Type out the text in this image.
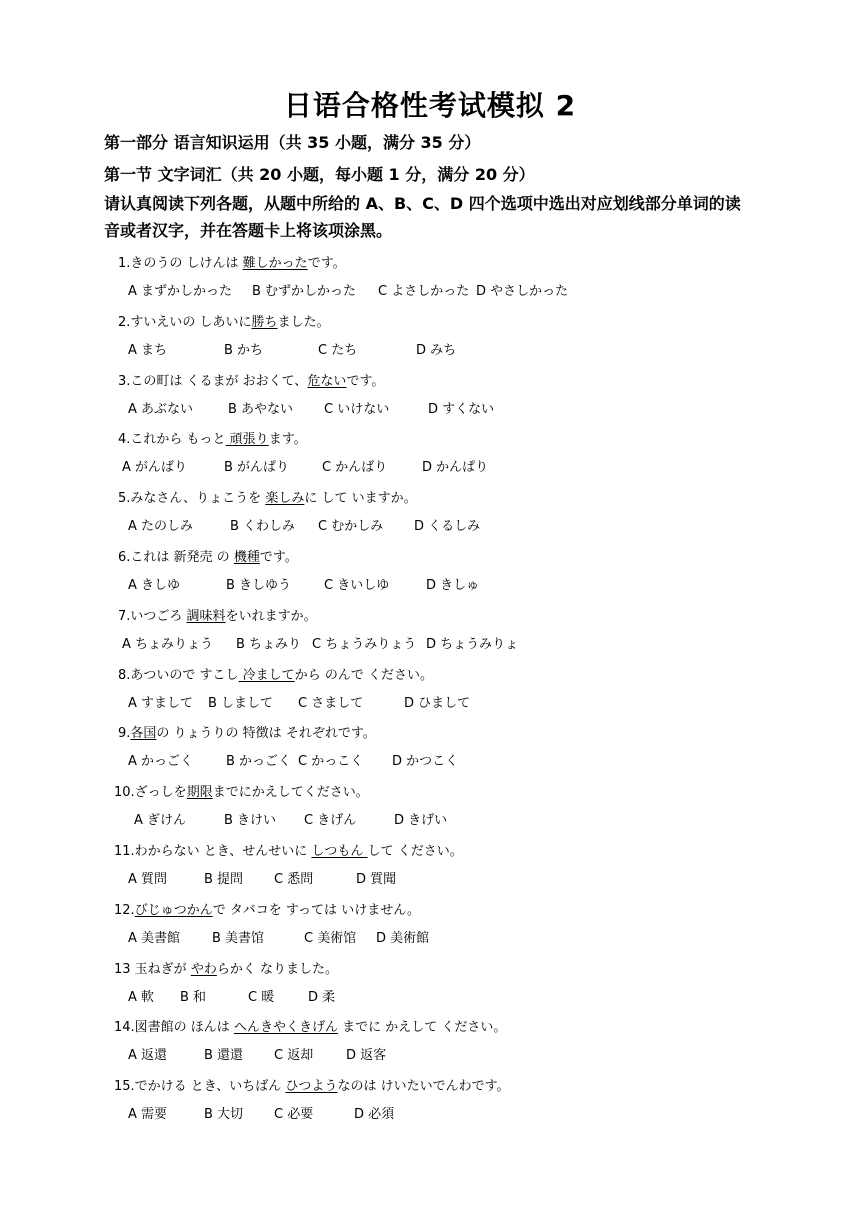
日语合格性考试模拟 2
第一部分 语言知识运用（共 35 小题，满分 35 分）
第一节 文字词汇（共 20 小题，每小题 1 分，满分 20 分）
请认真阅读下列各题，从题中所给的 A、B、C、D 四个选项中选出对应划线部分单词的读音或者汉字，并在答题卡上将该项涂黑。
1.きのうの しけんは 難しかったです。
A まずかしかった B むずかしかった C よさしかった D やさしかった
2.すいえいの しあいに勝ちました。
A まち	B かち	C たち	D みち
3.この町は くるまが おおくて、危ないです。
A あぶない	B あやない C いけない	D すくない
4.これから もっと 頑張ります。
A がんばり	B がんぱり	C かんばり	D かんぱり
5.みなさん、りょこうを 楽しみに して いますか。
A たのしみ	B くわしみ C むかしみ D くるしみ
6.これは 新発売 の 機種です。
A きしゆ	B きしゆう	C きいしゆ	D きしゅ
7.いつごろ 調味料をいれますか。
A ちょみりょう B ちょみり C ちょうみりょう D ちょうみりょ
8.あついので すこし 冷ましてから のんで ください。
A すまして B しまして C さまして	D ひまして
9.各国の りょうりの 特徴は それぞれです。
A かっごく	B かっごく C かっこく D かつこく
10.ざっしを期限までにかえしてください。
A ぎけん	B きけい C きげん	D きげい
11.わからない とき、せんせいに しつもん して ください。
A 質問	B 提問 C 悉問	D 質聞
12.びじゅつかんで タバコを すっては いけません。
A 美書館 B 美書馆	C 美術馆 D 美術館
13 玉ねぎが やわらかく なりました。
A 軟 B 和	C 暖	D 柔
14.図書館の ほんは へんきやくきげん までに かえして ください。
A 返還	B 還還 C 返却	D 返客
15.でかける とき、いちばん ひつようなのは けいたいでんわです。
A 需要	B 大切 C 必要	D 必須
